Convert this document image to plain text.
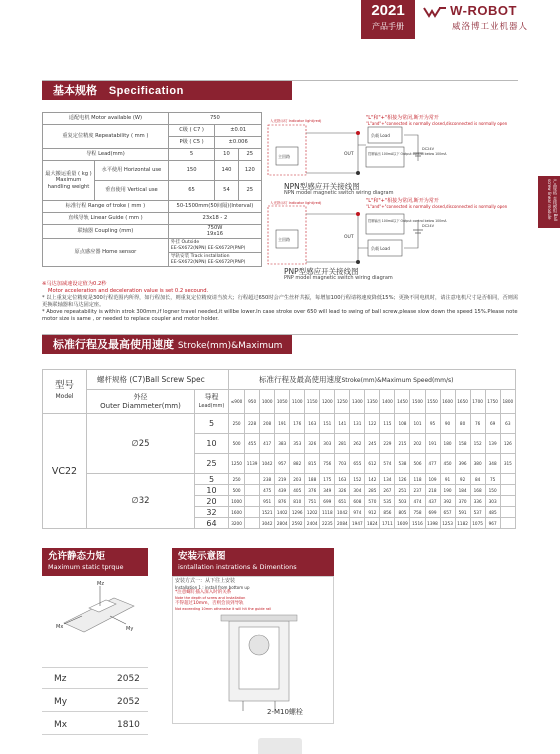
2021
产品手册
W-ROBOT
威洛博工业机器人
产品规格 直线模组 Ball screw linear module
基本规格 Specification
适配电机 Motor available (W)		750		
重复定位精度 Repeatability ( mm )		C级 ( C7 )	±0.01	
		P级 ( C5 )	±0.006	
导程 Lead(mm)		5	10	25
最大搬运重量 ( kg )
Maximum handling weight	水平使用 Horizontal use	150	140	120
	垂直使用 Vertical use	65	54	25
标准行程 Range of troke ( mm )		50-1500mm(50间隔)(Interval)		
直线导轨 Linear Guide ( mm )		23x18 - 2		
联轴器 Coupling (mm)		750W
19x16		
原点感应器 Home sensor		外挂 Outside
EE-SX672(NPN) EE-SX672P(PNP)		
		导轨安装 Track installation
EE-SX672(NPN) EE-SX672P(PNP)		
※马达加减速设定值为0.2秒
Motor acceleration and deceleration value is set 0.2 secound.
* 以上重复定位精度是300行程范围内所得，如行程加长，则重复定位精度请当放大；行程超过650时会产生丝杆共振，每增加100行程请将速度降低15%；更换不同电机时，请注意电机尺寸是否相同，否则需更换联轴器和马达固定座。
* Above repeatability is within strok 300mm,if logner travel needed,it willbe lower.In case stroke over 650 will lead to swing of ball screw,please slow down the speed 15%.Please note motor size is same , or needed to replace coupler and motor holder.
"L"和"+"相接为常闭,断开为常开
"L"and"+"connected is normally closed,disconnected is normally open
入光指示灯 Indicator light(red)
主回路
负载 Load
OUT	控制输出 100mA以下 Output control below 100mA
DC24V
NPN型感应开关接线图
NPN model magnetic switch wiring diagram
"L"和"+"相接为常闭,断开为常开
"L"and"+"connected is normally closed,disconnected is normally open
入光指示灯 Indicator light(red)
主回路
负载 Load
OUT
控制输出 100mA以下 Output control below 100mA
DC24V
PNP型感应开关接线图
PNP model magnetic switch wiring diagram
标准行程及最高使用速度 Stroke(mm)&Maximum Speed(mm/s)
型号
Model	螺杆规格 (C7)Ball Screw Spec		标准行程及最高使用速度Stroke(mm)&Maximum Speed(mm/s)																		
	外径
Outer Diammeter(mm)	导程
Lead(mm)	≤900	950	1000	1050	1100	1150	1200	1250	1300	1350	1400	1450	1500	1550	1600	1650	1700	1750	1800
VC22	∅25	5	250	228	208	191	176	163	151	141	131	122	115	108	101	95	90	80	76	69	63
		10	500	455	417	383	353	326	303	281	262	245	229	215	202	191	180	158	152	139	126
		25	1250	1139	1042	957	882	815	756	703	655	612	574	538	506	477	450	396	380	348	315
	∅32	5	250		238	219	203	188	175	163	152	142	134	126	118	109	91	92	84	75	
		10	500		475	439	405	376	349	326	304	285	267	251	237	218	190	184	168	150	
		20	1000		951	876	810	751	699	651	608	570	535	503	474	437	392	370	336	303	
		32	1600		1521	1402	1296	1202	1118	1042	974	912	856	805	758	699	657	591	537	485	
		64	3200		3042	2804	2592	2404	2235	2084	1947	1824	1711	1609	1516	1398	1253	1182	1075	967	
允许静态力矩
Maximum static tprque
Mz
Mx	My
Mz	2052
My	2052
Mx	1810
安装示意图
isntallation instrations & Dimentions
安装方式一：从下往上安装
Installation 1 : install from bottom up
*注意螺钉插入深入时的关系
Note the depth of screw and Installation
不得超过10mm，否则会顶到导轨
Not exceeding 10mm otherwise it will hit the guide rail
2-M10螺栓
